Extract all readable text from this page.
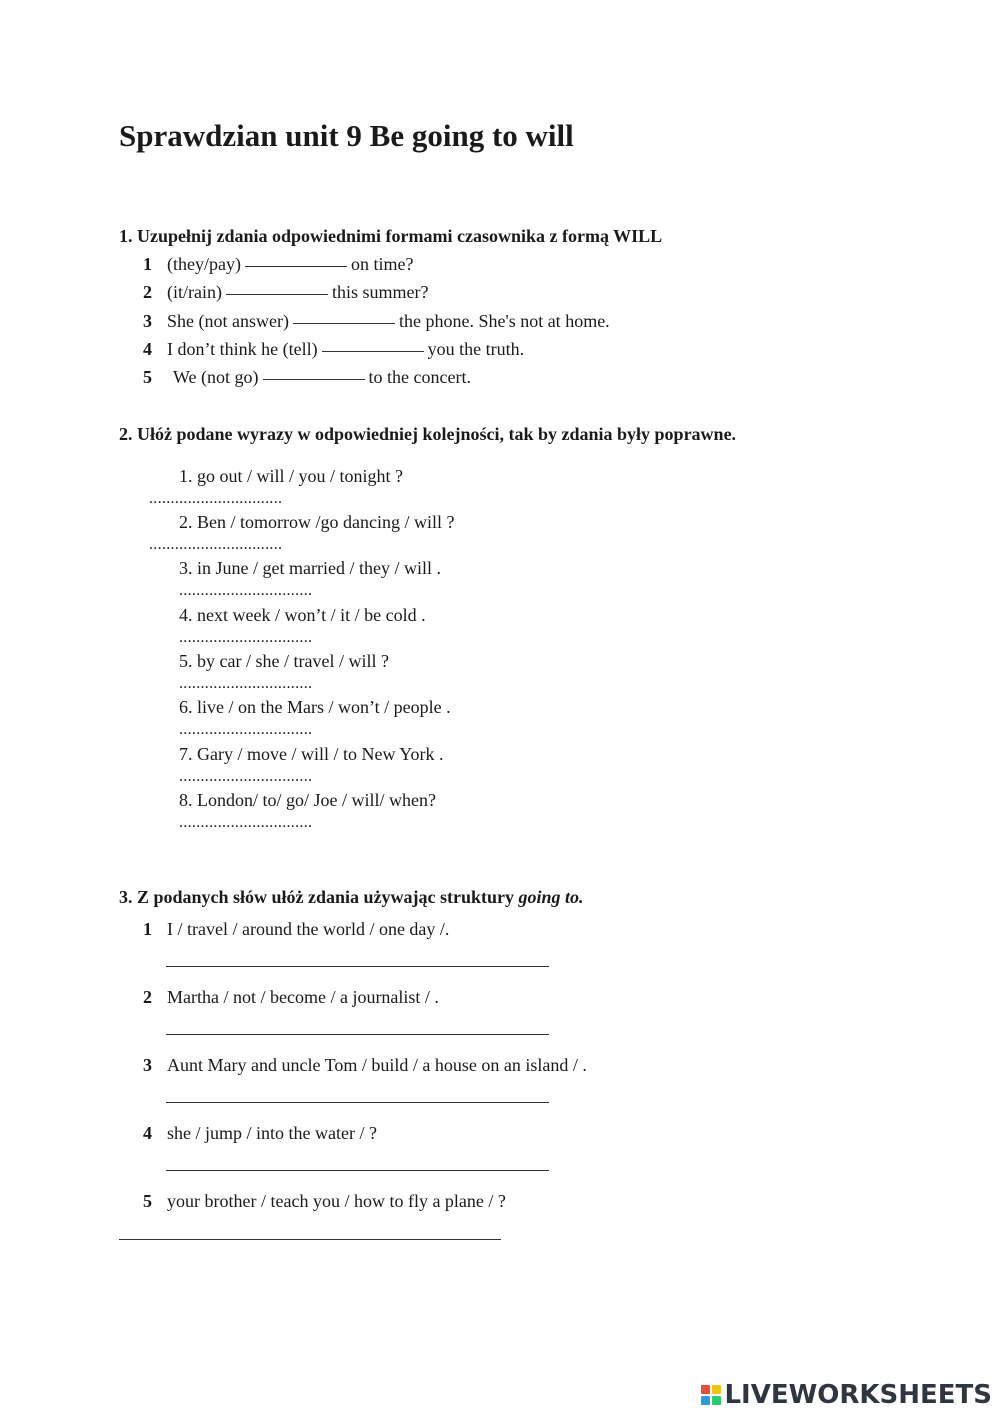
Sprawdzian unit 9 Be going to will
1. Uzupełnij zdania odpowiednimi formami czasownika z formą WILL
1 (they/pay)	on time?
2 (it/rain)	this summer?
3 She (not answer)	the phone. She's not at home.
4 I don’t think he (tell)	you the truth.
5 We (not go)	to the concert.
2. Ułóż podane wyrazy w odpowiedniej kolejności, tak by zdania były poprawne.
1. go out / will / you / tonight ?
...............................
2. Ben / tomorrow /go dancing / will ?
...............................
3. in June / get married / they / will .
...............................
4. next week / won’t / it / be cold .
...............................
5. by car / she / travel / will ?
...............................
6. live / on the Mars / won’t / people .
...............................
7. Gary / move / will / to New York .
...............................
8. London/ to/ go/ Joe / will/ when?
...............................
3. Z podanych słów ułóż zdania używając struktury going to.
1 I / travel / around the world / one day /.
2 Martha / not / become / a journalist / .
3 Aunt Mary and uncle Tom / build / a house on an island / .
4 she / jump / into the water / ?
5 your brother / teach you / how to fly a plane / ?
LIVEWORKSHEETS
